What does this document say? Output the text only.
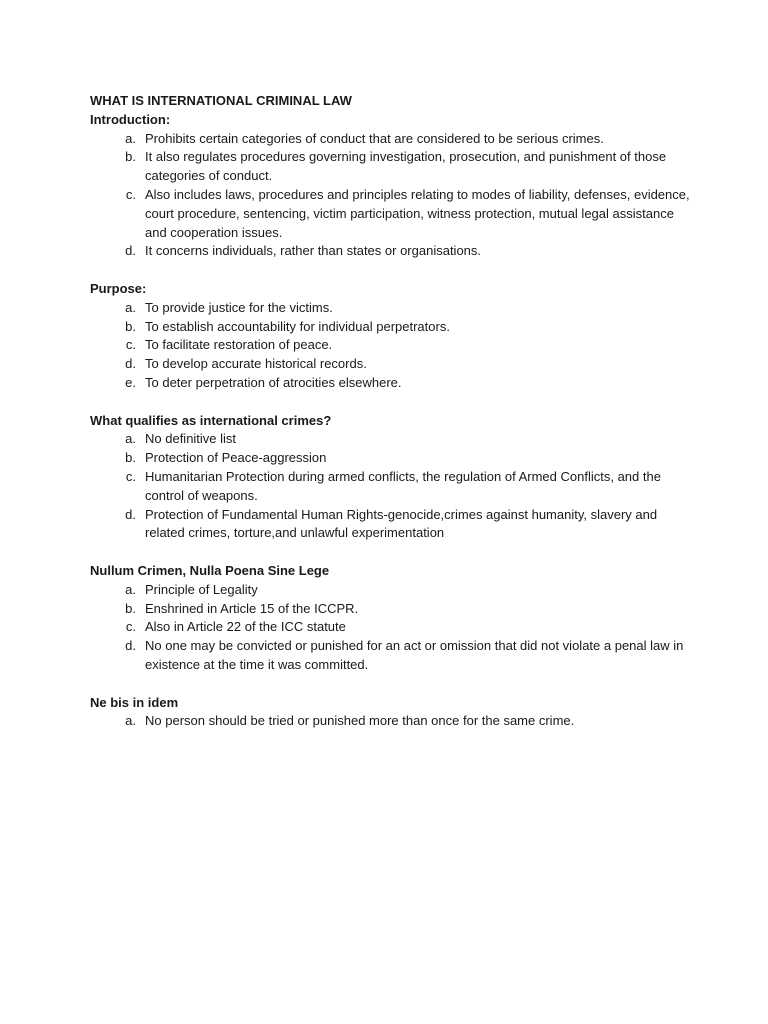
WHAT IS INTERNATIONAL CRIMINAL LAW

Introduction:

a. Prohibits certain categories of conduct that are considered to be serious crimes.
b. It also regulates procedures governing investigation, prosecution, and punishment of those categories of conduct.
c. Also includes laws, procedures and principles relating to modes of liability, defenses, evidence, court procedure, sentencing, victim participation, witness protection, mutual legal assistance and cooperation issues.
d. It concerns individuals, rather than states or organisations.

Purpose:

a. To provide justice for the victims.
b. To establish accountability for individual perpetrators.
c. To facilitate restoration of peace.
d. To develop accurate historical records.
e. To deter perpetration of atrocities elsewhere.

What qualifies as international crimes?

a. No definitive list
b. Protection of Peace-aggression
c. Humanitarian Protection during armed conflicts, the regulation of Armed Conflicts, and the control of weapons.
d. Protection of Fundamental Human Rights-genocide,crimes against humanity, slavery and related crimes, torture,and unlawful experimentation

Nullum Crimen, Nulla Poena Sine Lege

a. Principle of Legality
b. Enshrined in Article 15 of the ICCPR.
c. Also in Article 22 of the ICC statute
d. No one may be convicted or punished for an act or omission that did not violate a penal law in existence at the time it was committed.

Ne bis in idem

a. No person should be tried or punished more than once for the same crime.
